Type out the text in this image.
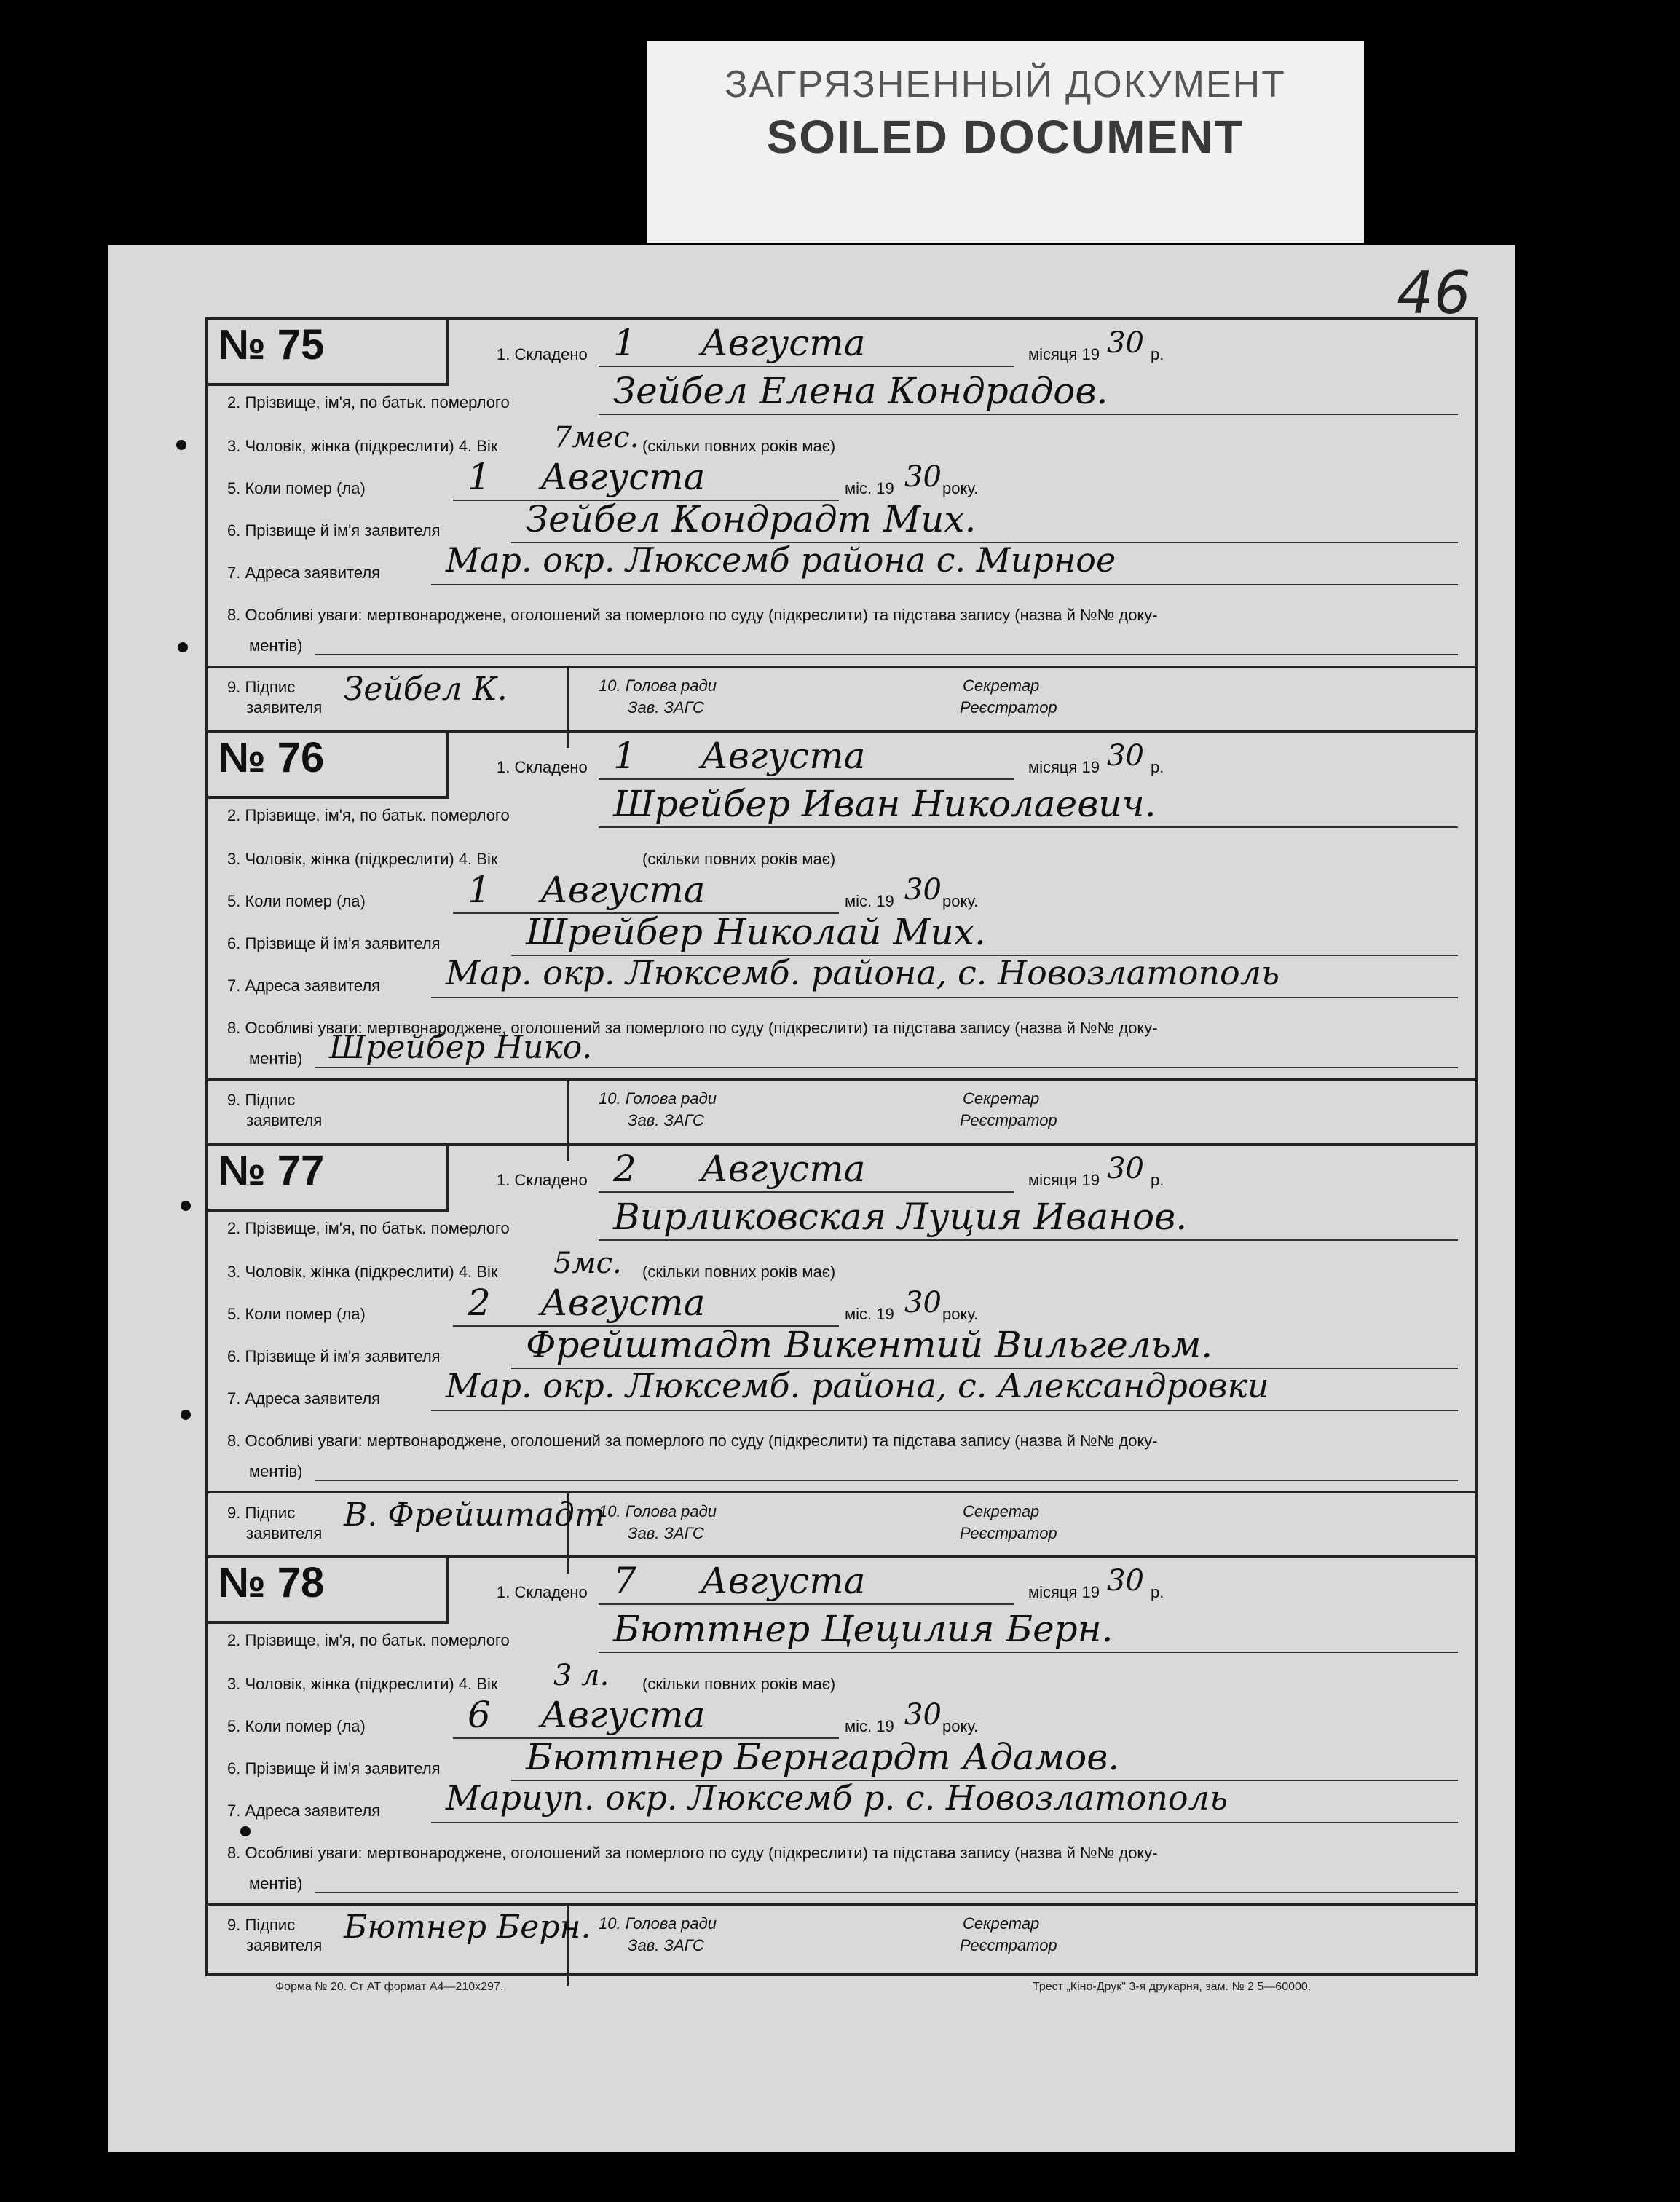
ЗАГРЯЗНЕННЫЙ ДОКУМЕНТ
SOILED DOCUMENT
46
№ 75	1. Складено 1 Августа	місяця 19 30 р.
2. Прізвище, ім'я, по батьк. померлого	Зейбел Елена Кондрадов.
3. Чоловік, жінка (підкреслити) 4. Вік 7мес. (скільки повних років має)
5. Коли помер (ла)	1 Августа	міс. 19 30 року.
6. Прізвище й ім'я заявителя Зейбел Кондрадт Мих.
7. Адреса заявителя Мар. окр. Люксемб района с. Мирное
8. Особливі уваги: мертвонароджене, оголошений за померлого по суду (підкреслити) та підстава запису (назва й №№ доку-
ментів)
9. Підпис
заявителя Зейбел К.	10. Голова ради
Зав. ЗАГС
Секретар
Реєстратор
№ 76	1. Складено 1 Августа	місяця 19 30 р.
2. Прізвище, ім'я, по батьк. померлого	Шрейбер Иван Николаевич.
3. Чоловік, жінка (підкреслити) 4. Вік	(скільки повних років має)
5. Коли помер (ла)	1 Августа	міс. 19 30 року.
6. Прізвище й ім'я заявителя Шрейбер Николай Мих.
7. Адреса заявителя Мар. окр. Люксемб. района, с. Новозлатополь
8. Особливі уваги: мертвонароджене, оголошений за померлого по суду (підкреслити) та підстава запису (назва й №№ доку-
ментів) Шрейбер Нико.
9. Підпис
заявителя
10. Голова ради
Зав. ЗАГС
Секретар
Реєстратор
№ 77	1. Складено 2 Августа	місяця 19 30 р.
2. Прізвище, ім'я, по батьк. померлого	Вирликовская Луция Иванов.
3. Чоловік, жінка (підкреслити) 4. Вік 5мс. (скільки повних років має)
5. Коли помер (ла)	2 Августа	міс. 19 30 року.
6. Прізвище й ім'я заявителя Фрейштадт Викентий Вильгельм.
7. Адреса заявителя Мар. окр. Люксемб. района, с. Александровки
8. Особливі уваги: мертвонароджене, оголошений за померлого по суду (підкреслити) та підстава запису (назва й №№ доку-
ментів)
9. Підпис
заявителя В. Фрейштадт
10. Голова ради
Зав. ЗАГС
Секретар
Реєстратор
№ 78	1. Складено 7 Августа	місяця 19 30 р.
2. Прізвище, ім'я, по батьк. померлого	Бюттнер Цецилия Берн.
3. Чоловік, жінка (підкреслити) 4. Вік 3 л. (скільки повних років має)
5. Коли помер (ла)	6 Августа	міс. 19 30 року.
6. Прізвище й ім'я заявителя Бюттнер Бернгардт Адамов.
7. Адреса заявителя Мариуп. окр. Люксемб р. с. Новозлатополь
8. Особливі уваги: мертвонароджене, оголошений за померлого по суду (підкреслити) та підстава запису (назва й №№ доку-
ментів)
9. Підпис
заявителя Бютнер Берн. 10. Голова ради
Зав. ЗАГС
Секретар
Реєстратор
Форма № 20. Ст АТ формат А4—210x297.	Трест „Кіно-Друк" 3-я друкарня, зам. № 2 5—60000.
